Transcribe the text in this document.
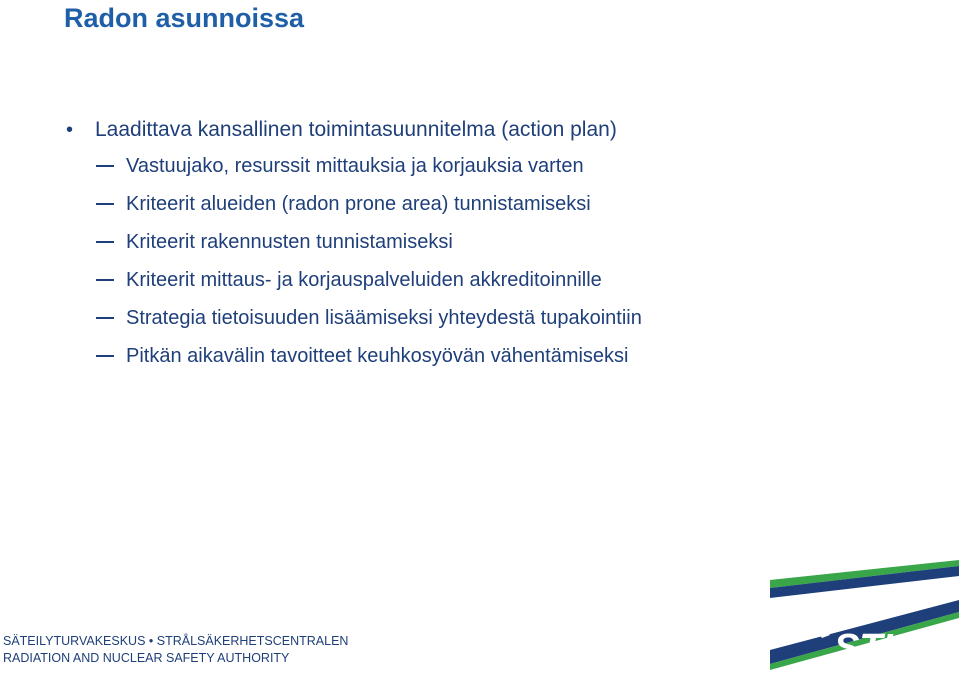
Radon asunnoissa
• Laadittava kansallinen toimintasuunnitelma (action plan)
Vastuujako, resurssit mittauksia ja korjauksia varten
Kriteerit alueiden (radon prone area) tunnistamiseksi
Kriteerit rakennusten tunnistamiseksi
Kriteerit mittaus- ja korjauspalveluiden akkreditoinnille
Strategia tietoisuuden lisäämiseksi yhteydestä tupakointiin
Pitkän aikavälin tavoitteet keuhkosyövän vähentämiseksi
SÄTEILYTURVAKESKUS • STRÅLSÄKERHETSCENTRALEN
RADIATION AND NUCLEAR SAFETY AUTHORITY	STUK
